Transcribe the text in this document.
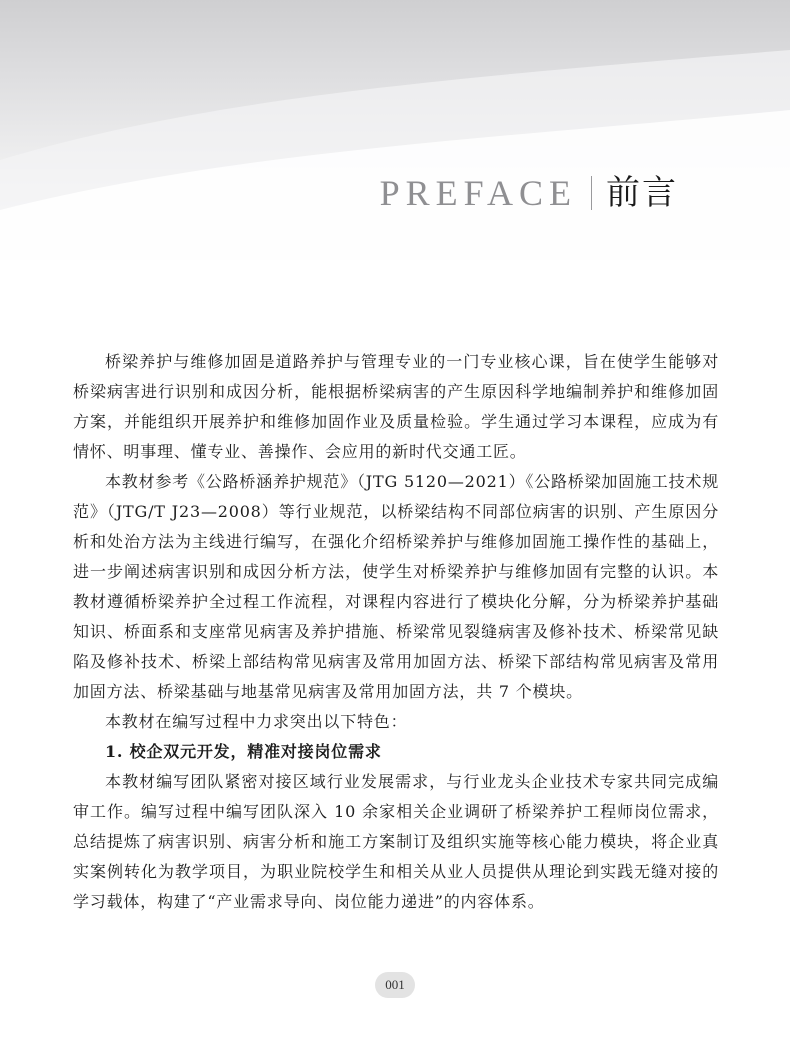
PREFACE 前言

桥梁养护与维修加固是道路养护与管理专业的一门专业核心课，旨在使学生能够对桥梁病害进行识别和成因分析，能根据桥梁病害的产生原因科学地编制养护和维修加固方案，并能组织开展养护和维修加固作业及质量检验。学生通过学习本课程，应成为有情怀、明事理、懂专业、善操作、会应用的新时代交通工匠。

本教材参考《公路桥涵养护规范》（JTG 5120—2021）《公路桥梁加固施工技术规范》（JTG/T J23—2008）等行业规范，以桥梁结构不同部位病害的识别、产生原因分析和处治方法为主线进行编写，在强化介绍桥梁养护与维修加固施工操作性的基础上，进一步阐述病害识别和成因分析方法，使学生对桥梁养护与维修加固有完整的认识。本教材遵循桥梁养护全过程工作流程，对课程内容进行了模块化分解，分为桥梁养护基础知识、桥面系和支座常见病害及养护措施、桥梁常见裂缝病害及修补技术、桥梁常见缺陷及修补技术、桥梁上部结构常见病害及常用加固方法、桥梁下部结构常见病害及常用加固方法、桥梁基础与地基常见病害及常用加固方法，共 7 个模块。

本教材在编写过程中力求突出以下特色：

1. 校企双元开发，精准对接岗位需求

本教材编写团队紧密对接区域行业发展需求，与行业龙头企业技术专家共同完成编审工作。编写过程中编写团队深入 10 余家相关企业调研了桥梁养护工程师岗位需求，总结提炼了病害识别、病害分析和施工方案制订及组织实施等核心能力模块，将企业真实案例转化为教学项目，为职业院校学生和相关从业人员提供从理论到实践无缝对接的学习载体，构建了“产业需求导向、岗位能力递进”的内容体系。

001
